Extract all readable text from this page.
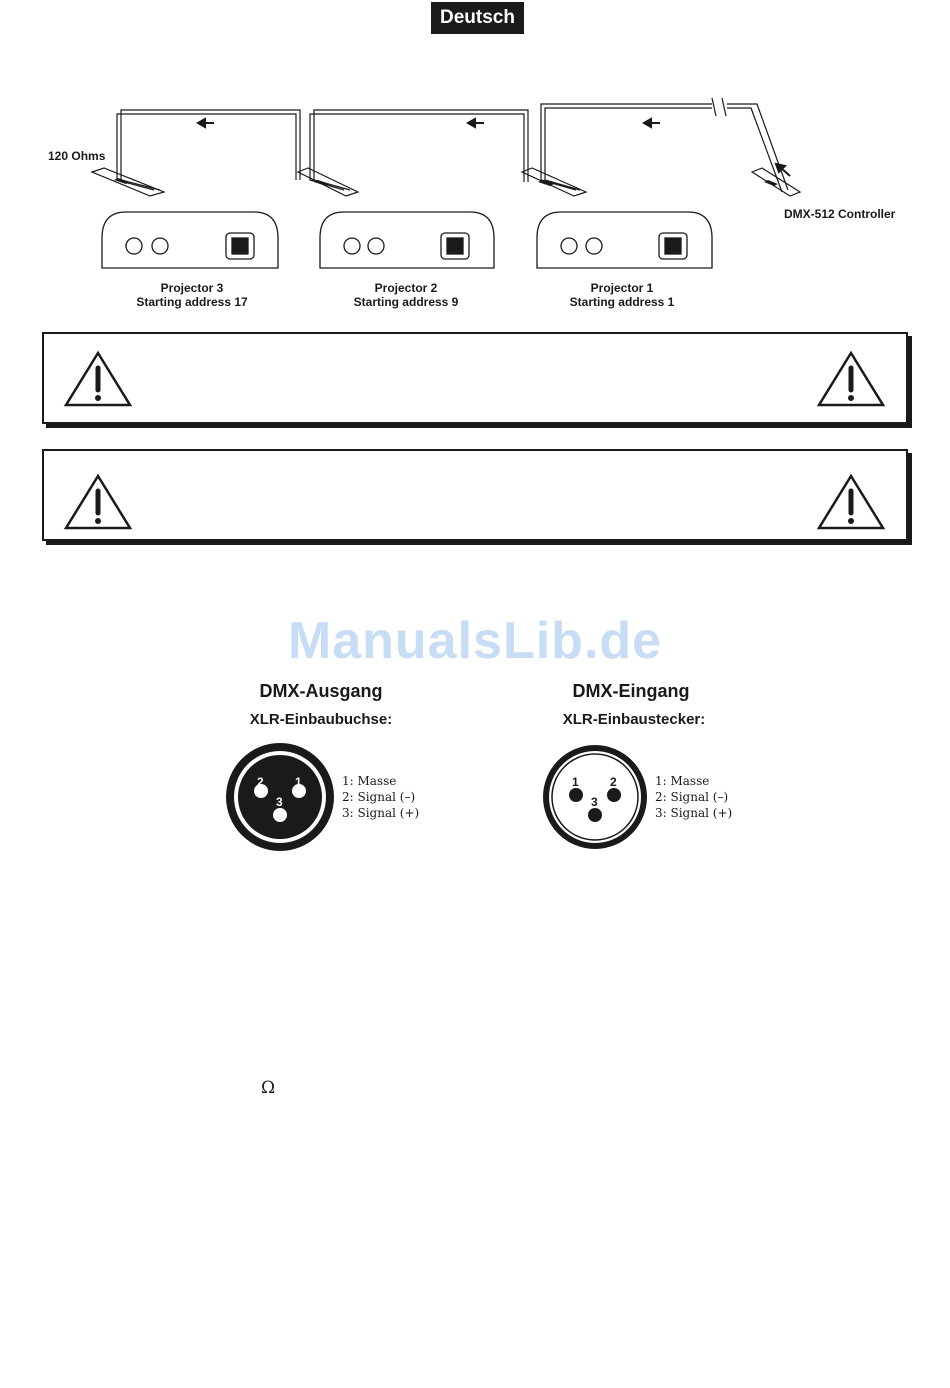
Deutsch
120 Ohms
DMX-512 Controller
Projector 3
Starting address 17
Projector 2
Starting address 9
Projector 1
Starting address 1
ManualsLib.de
DMX-Ausgang
XLR-Einbaubuchse:
2	1
3
1: Masse
2: Signal (–)
3: Signal (+)
DMX-Eingang
XLR-Einbaustecker:
1	2
3
1: Masse
2: Signal (–)
3: Signal (+)
Ω
